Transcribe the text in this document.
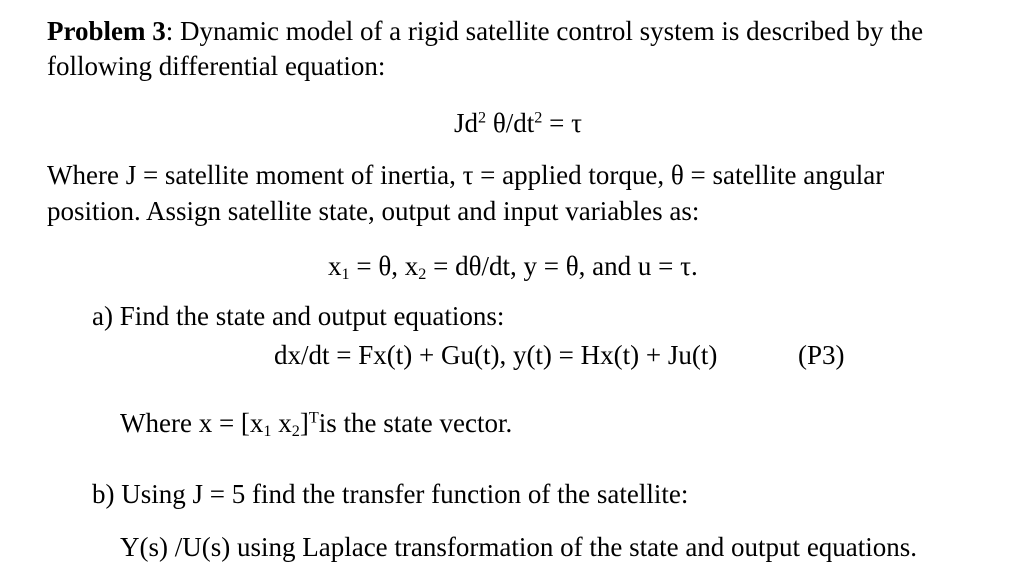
Problem 3: Dynamic model of a rigid satellite control system is described by the
following differential equation:
Jd$^2$ $\theta/dt^2 = \tau$
Where J = satellite moment of inertia, τ = applied torque, θ = satellite angular
position. Assign satellite state, output and input variables as:
$x_1 = \theta$, $x_2 = d\theta/dt$, y = θ, and u = τ.
a) Find the state and output equations:
dx/dt = Fx(t) + Gu(t), y(t) = Hx(t) + Ju(t)	(P3)
Where $x = [x_1$ $x_2]^Tis$ the state vector.
b) Using J = 5 find the transfer function of the satellite:
Y(s) /U(s) using Laplace transformation of the state and output equations.
